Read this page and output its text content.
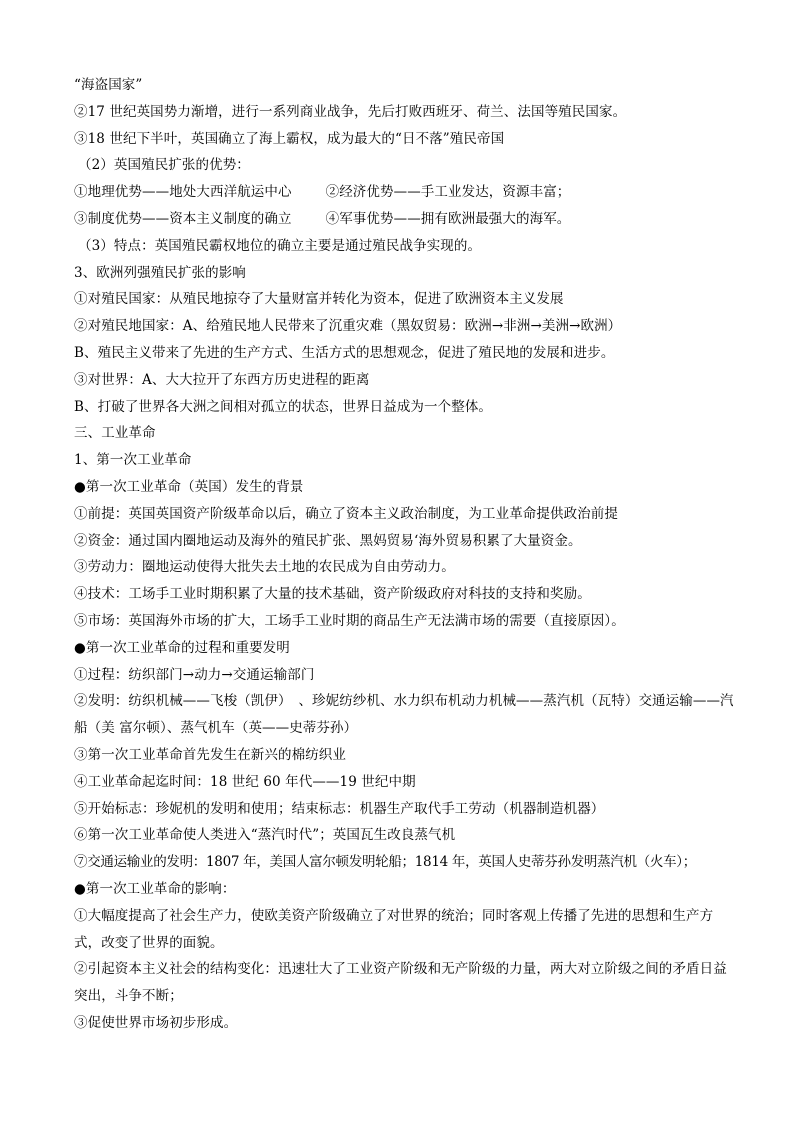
“海盗国家”
②17 世纪英国势力渐增，进行一系列商业战争，先后打败西班牙、荷兰、法国等殖民国家。
③18 世纪下半叶，英国确立了海上霸权，成为最大的“日不落”殖民帝国
（2）英国殖民扩张的优势：
①地理优势——地处大西洋航运中心	②经济优势——手工业发达，资源丰富；
③制度优势——资本主义制度的确立	④军事优势——拥有欧洲最强大的海军。
（3）特点：英国殖民霸权地位的确立主要是通过殖民战争实现的。
3、欧洲列强殖民扩张的影响
①对殖民国家：从殖民地掠夺了大量财富并转化为资本，促进了欧洲资本主义发展
②对殖民地国家：A、给殖民地人民带来了沉重灾难（黑奴贸易：欧洲→非洲→美洲→欧洲）
B、殖民主义带来了先进的生产方式、生活方式的思想观念，促进了殖民地的发展和进步。
③对世界：A、大大拉开了东西方历史进程的距离
B、打破了世界各大洲之间相对孤立的状态，世界日益成为一个整体。
三、工业革命
1、第一次工业革命
●第一次工业革命（英国）发生的背景
①前提：英国英国资产阶级革命以后，确立了资本主义政治制度，为工业革命提供政治前提
②资金：通过国内圈地运动及海外的殖民扩张、黑妈贸易‘海外贸易积累了大量资金。
③劳动力：圈地运动使得大批失去土地的农民成为自由劳动力。
④技术：工场手工业时期积累了大量的技术基础，资产阶级政府对科技的支持和奖励。
⑤市场：英国海外市场的扩大，工场手工业时期的商品生产无法满市场的需要（直接原因）。
●第一次工业革命的过程和重要发明
①过程：纺织部门→动力→交通运输部门
②发明：纺织机械——飞梭（凯伊）　、珍妮纺纱机、水力织布机动力机械——蒸汽机（瓦特）交通运输——汽船（美 富尔顿）、蒸气机车（英——史蒂芬孙）
③第一次工业革命首先发生在新兴的棉纺织业
④工业革命起迄时间：18 世纪 60 年代——19 世纪中期
⑤开始标志：珍妮机的发明和使用；结束标志：机器生产取代手工劳动（机器制造机器）
⑥第一次工业革命使人类进入“蒸汽时代”；英国瓦生改良蒸气机
⑦交通运输业的发明：1807 年，美国人富尔顿发明轮船；1814 年，英国人史蒂芬孙发明蒸汽机（火车）；
●第一次工业革命的影响：
①大幅度提高了社会生产力，使欧美资产阶级确立了对世界的统治；同时客观上传播了先进的思想和生产方式，改变了世界的面貌。
②引起资本主义社会的结构变化：迅速壮大了工业资产阶级和无产阶级的力量，两大对立阶级之间的矛盾日益突出，斗争不断；
③促使世界市场初步形成。
